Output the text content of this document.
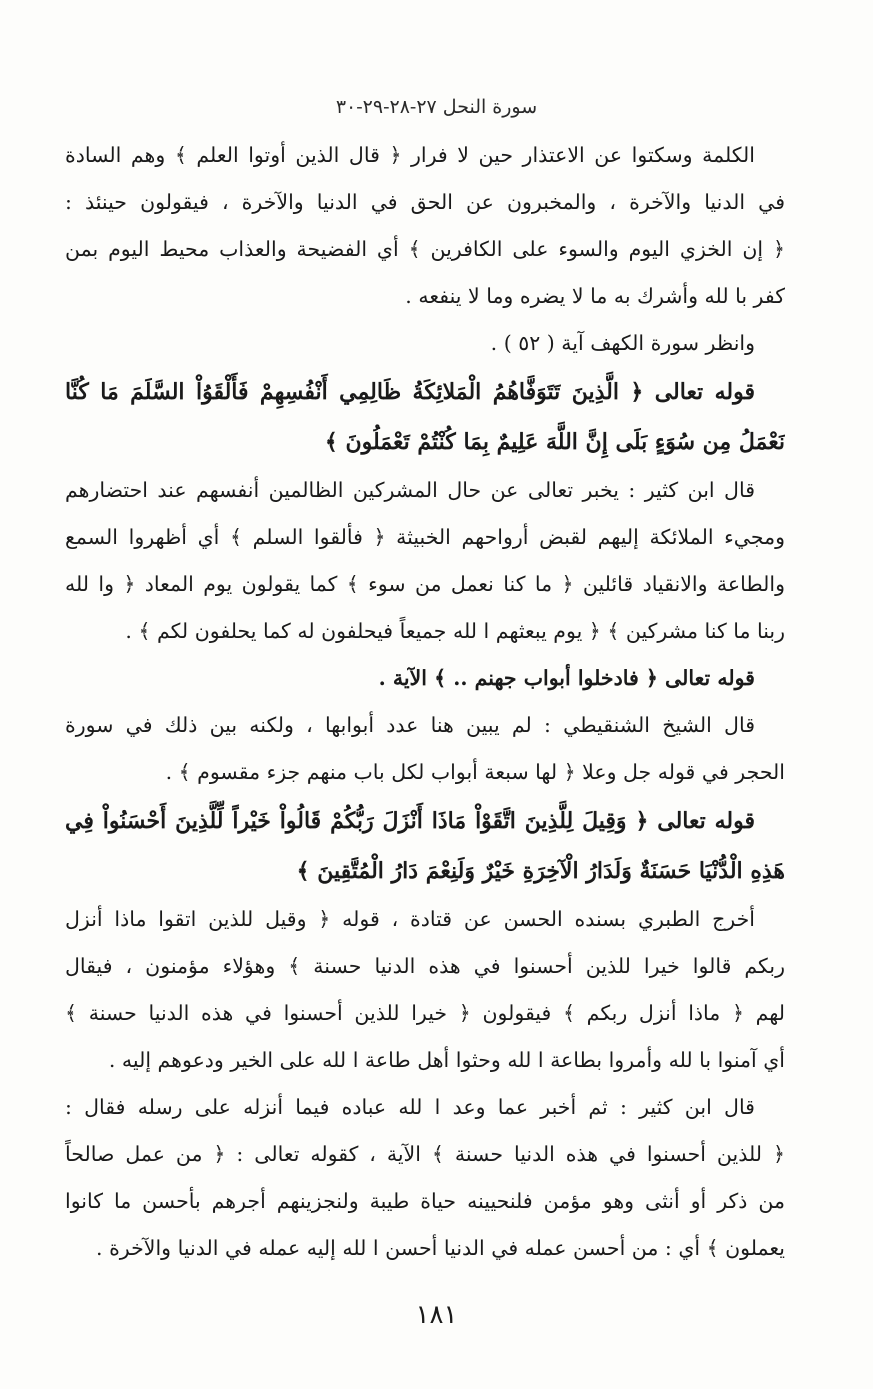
سورة النحل ٢٧-٢٨-٢٩-٣٠
الكلمة وسكتوا عن الاعتذار حين لا فرار ﴿ قال الذين أوتوا العلم ﴾ وهم السادة
في الدنيا والآخرة ، والمخبرون عن الحق في الدنيا والآخرة ، فيقولون حينئذ :
﴿ إن الخزي اليوم والسوء على الكافرين ﴾ أي الفضيحة والعذاب محيط اليوم بمن
كفر با لله وأشرك به ما لا يضره وما لا ينفعه .
وانظر سورة الكهف آية ( ٥٢ ) .
قوله تعالى ﴿ الَّذِينَ تَتَوَفَّاهُمُ الْمَلائِكَةُ ظَالِمِي أَنْفُسِهِمْ فَأَلْقَوُاْ السَّلَمَ مَا كُنَّا
نَعْمَلُ مِن سُوَءٍ بَلَى إِنَّ اللَّهَ عَلِيمٌ بِمَا كُنْتُمْ تَعْمَلُونَ ﴾
قال ابن كثير : يخبر تعالى عن حال المشركين الظالمين أنفسهم عند احتضارهم
ومجيء الملائكة إليهم لقبض أرواحهم الخبيثة ﴿ فألقوا السلم ﴾ أي أظهروا السمع
والطاعة والانقياد قائلين ﴿ ما كنا نعمل من سوء ﴾ كما يقولون يوم المعاد ﴿ وا لله
ربنا ما كنا مشركين ﴾ ﴿ يوم يبعثهم ا لله جميعاً فيحلفون له كما يحلفون لكم ﴾ .
قوله تعالى ﴿ فادخلوا أبواب جهنم .. ﴾ الآية .
قال الشيخ الشنقيطي : لم يبين هنا عدد أبوابها ، ولكنه بين ذلك في سورة
الحجر في قوله جل وعلا ﴿ لها سبعة أبواب لكل باب منهم جزء مقسوم ﴾ .
قوله تعالى ﴿ وَقِيلَ لِلَّذِينَ اتَّقَوْاْ مَاذَا أَنْزَلَ رَبُّكُمْ قَالُواْ خَيْراً لِّلَّذِينَ أَحْسَنُواْ فِي
هَذِهِ الْدُّنْيَا حَسَنَةٌ وَلَدَارُ الْآخِرَةِ خَيْرٌ وَلَنِعْمَ دَارُ الْمُتَّقِينَ ﴾
أخرج الطبري بسنده الحسن عن قتادة ، قوله ﴿ وقيل للذين اتقوا ماذا أنزل
ربكم قالوا خيرا للذين أحسنوا في هذه الدنيا حسنة ﴾ وهؤلاء مؤمنون ، فيقال
لهم ﴿ ماذا أنزل ربكم ﴾ فيقولون ﴿ خيرا للذين أحسنوا في هذه الدنيا حسنة ﴾
أي آمنوا با لله وأمروا بطاعة ا لله وحثوا أهل طاعة ا لله على الخير ودعوهم إليه .
قال ابن كثير : ثم أخبر عما وعد ا لله عباده فيما أنزله على رسله فقال :
﴿ للذين أحسنوا في هذه الدنيا حسنة ﴾ الآية ، كقوله تعالى : ﴿ من عمل صالحاً
من ذكر أو أنثى وهو مؤمن فلنحيينه حياة طيبة ولنجزينهم أجرهم بأحسن ما كانوا
يعملون ﴾ أي : من أحسن عمله في الدنيا أحسن ا لله إليه عمله في الدنيا والآخرة .
١٨١
